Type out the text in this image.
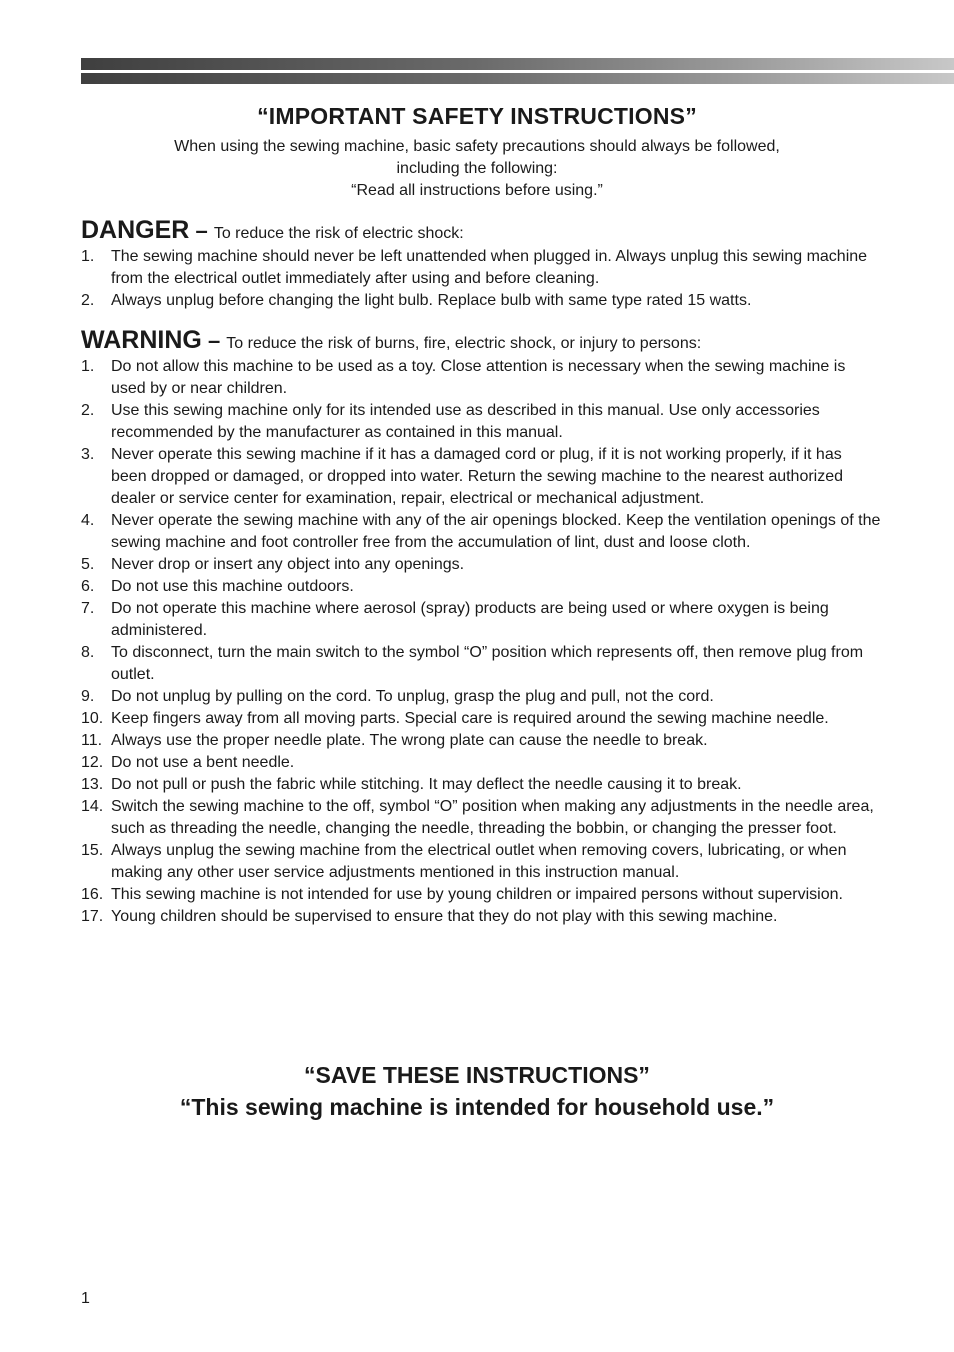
“IMPORTANT SAFETY INSTRUCTIONS”
When using the sewing machine, basic safety precautions should always be followed,
including the following:
“Read all instructions before using.”
DANGER – To reduce the risk of electric shock:
1. The sewing machine should never be left unattended when plugged in. Always unplug this sewing machine from the electrical outlet immediately after using and before cleaning.
2. Always unplug before changing the light bulb. Replace bulb with same type rated 15 watts.
WARNING – To reduce the risk of burns, fire, electric shock, or injury to persons:
1. Do not allow this machine to be used as a toy. Close attention is necessary when the sewing machine is used by or near children.
2. Use this sewing machine only for its intended use as described in this manual. Use only accessories recommended by the manufacturer as contained in this manual.
3. Never operate this sewing machine if it has a damaged cord or plug, if it is not working properly, if it has been dropped or damaged, or dropped into water. Return the sewing machine to the nearest authorized dealer or service center for examination, repair, electrical or mechanical adjustment.
4. Never operate the sewing machine with any of the air openings blocked. Keep the ventilation openings of the sewing machine and foot controller free from the accumulation of lint, dust and loose cloth.
5. Never drop or insert any object into any openings.
6. Do not use this machine outdoors.
7. Do not operate this machine where aerosol (spray) products are being used or where oxygen is being administered.
8. To disconnect, turn the main switch to the symbol “O” position which represents off, then remove plug from outlet.
9. Do not unplug by pulling on the cord. To unplug, grasp the plug and pull, not the cord.
10. Keep fingers away from all moving parts. Special care is required around the sewing machine needle.
11. Always use the proper needle plate. The wrong plate can cause the needle to break.
12. Do not use a bent needle.
13. Do not pull or push the fabric while stitching. It may deflect the needle causing it to break.
14. Switch the sewing machine to the off, symbol “O” position when making any adjustments in the needle area, such as threading the needle, changing the needle, threading the bobbin, or changing the presser foot.
15. Always unplug the sewing machine from the electrical outlet when removing covers, lubricating, or when making any other user service adjustments mentioned in this instruction manual.
16. This sewing machine is not intended for use by young children or impaired persons without supervision.
17. Young children should be supervised to ensure that they do not play with this sewing machine.
“SAVE THESE INSTRUCTIONS”
“This sewing machine is intended for household use.”
1
